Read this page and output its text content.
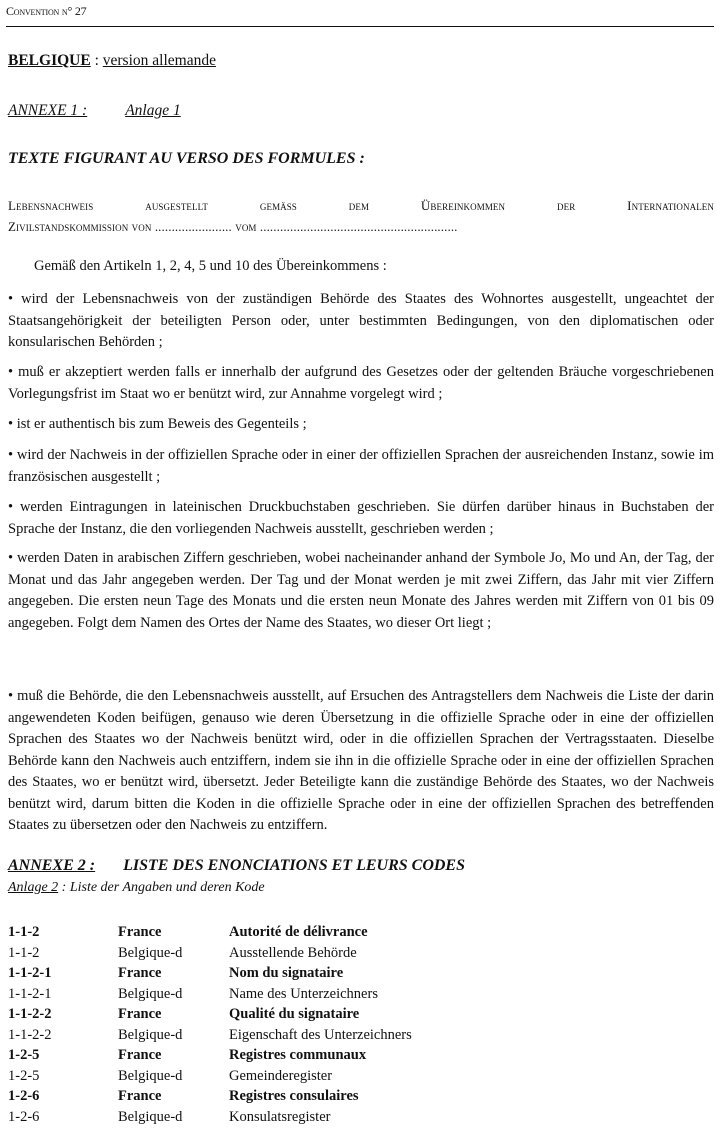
Convention n° 27
BELGIQUE : version allemande
ANNEXE 1 : Anlage 1
TEXTE FIGURANT AU VERSO DES FORMULES :
Lebensnachweis ausgestellt gemäß dem Übereinkommen der Internationalen
Zivilstandskommission von ....................... vom ...........................................................
Gemäß den Artikeln 1, 2, 4, 5 und 10 des Übereinkommens :
• wird der Lebensnachweis von der zuständigen Behörde des Staates des Wohnortes ausgestellt, ungeachtet der Staatsangehörigkeit der beteiligten Person oder, unter bestimmten Bedingungen, von den diplomatischen oder konsularischen Behörden ;
• muß er akzeptiert werden falls er innerhalb der aufgrund des Gesetzes oder der geltenden Bräuche vorgeschriebenen Vorlegungsfrist im Staat wo er benützt wird, zur Annahme vorgelegt wird ;
• ist er authentisch bis zum Beweis des Gegenteils ;
• wird der Nachweis in der offiziellen Sprache oder in einer der offiziellen Sprachen der ausreichenden Instanz, sowie im französischen ausgestellt ;
• werden Eintragungen in lateinischen Druckbuchstaben geschrieben. Sie dürfen darüber hinaus in Buchstaben der Sprache der Instanz, die den vorliegenden Nachweis ausstellt, geschrieben werden ;
• werden Daten in arabischen Ziffern geschrieben, wobei nacheinander anhand der Symbole Jo, Mo und An, der Tag, der Monat und das Jahr angegeben werden. Der Tag und der Monat werden je mit zwei Ziffern, das Jahr mit vier Ziffern angegeben. Die ersten neun Tage des Monats und die ersten neun Monate des Jahres werden mit Ziffern von 01 bis 09 angegeben. Folgt dem Namen des Ortes der Name des Staates, wo dieser Ort liegt ;
• muß die Behörde, die den Lebensnachweis ausstellt, auf Ersuchen des Antragstellers dem Nachweis die Liste der darin angewendeten Koden beifügen, genauso wie deren Übersetzung in die offizielle Sprache oder in eine der offiziellen Sprachen des Staates wo der Nachweis benützt wird, oder in die offiziellen Sprachen der Vertragsstaaten. Dieselbe Behörde kann den Nachweis auch entziffern, indem sie ihn in die offizielle Sprache oder in eine der offiziellen Sprachen des Staates, wo er benützt wird, übersetzt. Jeder Beteiligte kann die zuständige Behörde des Staates, wo der Nachweis benützt wird, darum bitten die Koden in die offizielle Sprache oder in eine der offiziellen Sprachen des betreffenden Staates zu übersetzen oder den Nachweis zu entziffern.
ANNEXE 2 : LISTE DES ENONCIATIONS ET LEURS CODES
Anlage 2 : Liste der Angaben und deren Kode
1-1-2	France	Autorité de délivrance
1-1-2	Belgique-d	Ausstellende Behörde
1-1-2-1	France	Nom du signataire
1-1-2-1	Belgique-d	Name des Unterzeichners
1-1-2-2	France	Qualité du signataire
1-1-2-2	Belgique-d	Eigenschaft des Unterzeichners
1-2-5	France	Registres communaux
1-2-5	Belgique-d	Gemeinderegister
1-2-6	France	Registres consulaires
1-2-6	Belgique-d	Konsulatsregister
